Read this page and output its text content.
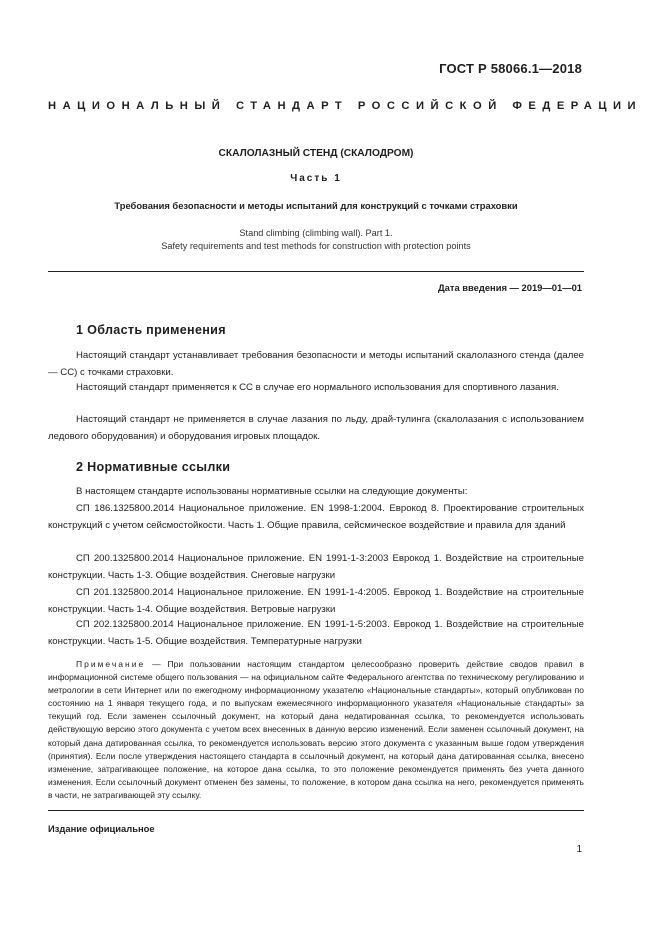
ГОСТ Р 58066.1—2018
НАЦИОНАЛЬНЫЙ СТАНДАРТ РОССИЙСКОЙ ФЕДЕРАЦИИ
СКАЛОЛАЗНЫЙ СТЕНД (СКАЛОДРОМ)
Часть 1
Требования безопасности и методы испытаний для конструкций с точками страховки
Stand climbing (climbing wall). Part 1.
Safety requirements and test methods for construction with protection points
Дата введения — 2019—01—01
1 Область применения
Настоящий стандарт устанавливает требования безопасности и методы испытаний скалолазного стенда (далее — СС) с точками страховки.
Настоящий стандарт применяется к СС в случае его нормального использования для спортивного лазания.
Настоящий стандарт не применяется в случае лазания по льду, драй-тулинга (скалолазания с использованием ледового оборудования) и оборудования игровых площадок.
2 Нормативные ссылки
В настоящем стандарте использованы нормативные ссылки на следующие документы:
СП 186.1325800.2014 Национальное приложение. EN 1998-1:2004. Еврокод 8. Проектирование строительных конструкций с учетом сейсмостойкости. Часть 1. Общие правила, сейсмическое воздействие и правила для зданий
СП 200.1325800.2014 Национальное приложение. EN 1991-1-3:2003 Еврокод 1. Воздействие на строительные конструкции. Часть 1-3. Общие воздействия. Снеговые нагрузки
СП 201.1325800.2014 Национальное приложение. EN 1991-1-4:2005. Еврокод 1. Воздействие на строительные конструкции. Часть 1-4. Общие воздействия. Ветровые нагрузки
СП 202.1325800.2014 Национальное приложение. EN 1991-1-5:2003. Еврокод 1. Воздействие на строительные конструкции. Часть 1-5. Общие воздействия. Температурные нагрузки
Примечание — При пользовании настоящим стандартом целесообразно проверить действие сводов правил в информационной системе общего пользования — на официальном сайте Федерального агентства по техническому регулированию и метрологии в сети Интернет или по ежегодному информационному указателю «Национальные стандарты», который опубликован по состоянию на 1 января текущего года, и по выпускам ежемесячного информационного указателя «Национальные стандарты» за текущий год. Если заменен ссылочный документ, на который дана недатированная ссылка, то рекомендуется использовать действующую версию этого документа с учетом всех внесенных в данную версию изменений. Если заменен ссылочный документ, на который дана датированная ссылка, то рекомендуется использовать версию этого документа с указанным выше годом утверждения (принятия). Если после утверждения настоящего стандарта в ссылочный документ, на который дана датированная ссылка, внесено изменение, затрагивающее положение, на которое дана ссылка, то это положение рекомендуется применять без учета данного изменения. Если ссылочный документ отменен без замены, то положение, в котором дана ссылка на него, рекомендуется применять в части, не затрагивающей эту ссылку.
Издание официальное
1
